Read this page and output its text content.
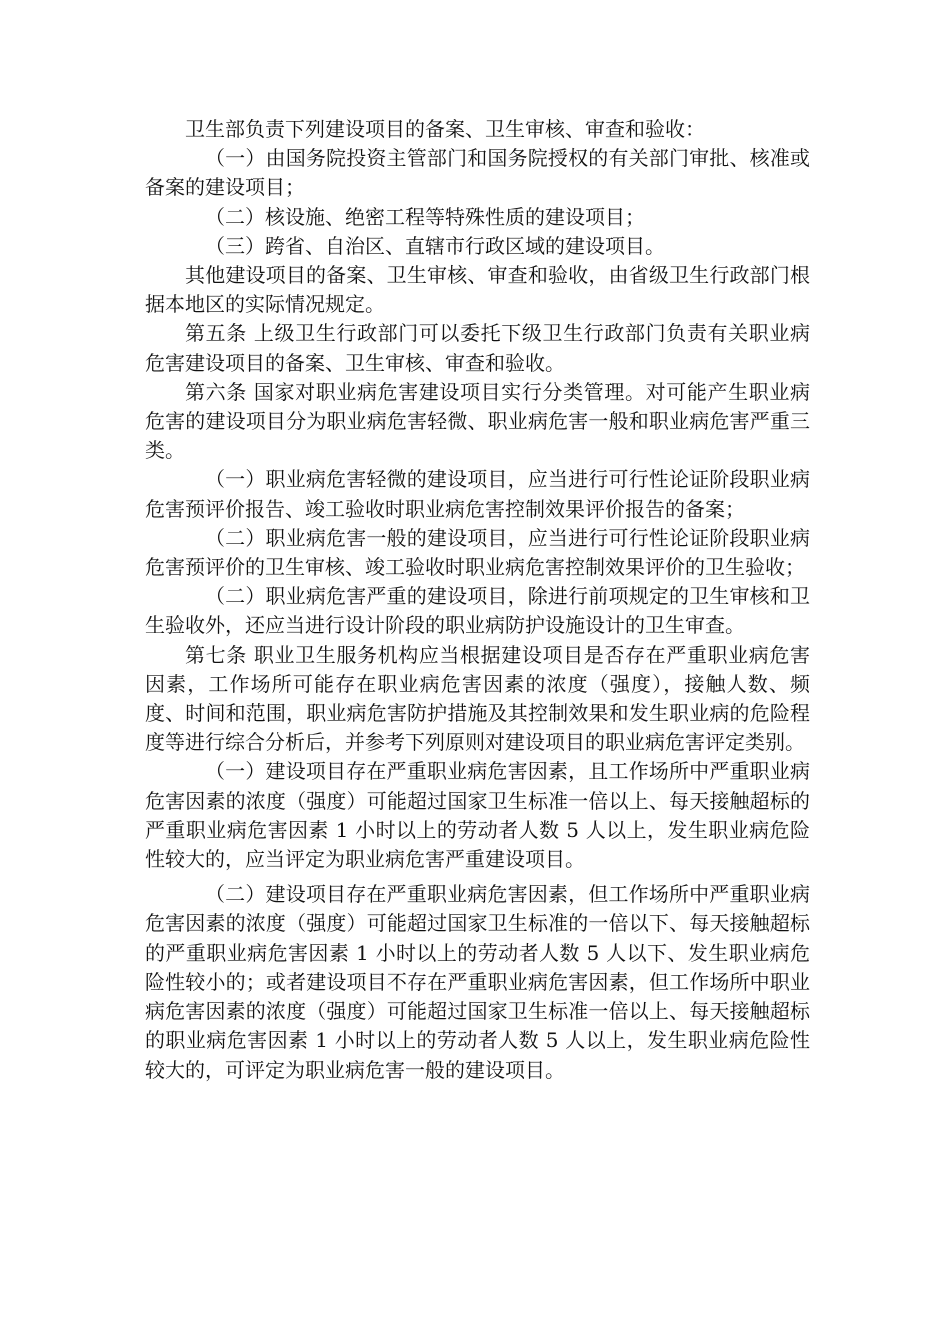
卫生部负责下列建设项目的备案、卫生审核、审查和验收：

（一）由国务院投资主管部门和国务院授权的有关部门审批、核准或备案的建设项目；

（二）核设施、绝密工程等特殊性质的建设项目；

（三）跨省、自治区、直辖市行政区域的建设项目。

其他建设项目的备案、卫生审核、审查和验收，由省级卫生行政部门根据本地区的实际情况规定。

第五条 上级卫生行政部门可以委托下级卫生行政部门负责有关职业病危害建设项目的备案、卫生审核、审查和验收。

第六条 国家对职业病危害建设项目实行分类管理。对可能产生职业病危害的建设项目分为职业病危害轻微、职业病危害一般和职业病危害严重三类。

（一）职业病危害轻微的建设项目，应当进行可行性论证阶段职业病危害预评价报告、竣工验收时职业病危害控制效果评价报告的备案；

（二）职业病危害一般的建设项目，应当进行可行性论证阶段职业病危害预评价的卫生审核、竣工验收时职业病危害控制效果评价的卫生验收；

（二）职业病危害严重的建设项目，除进行前项规定的卫生审核和卫生验收外，还应当进行设计阶段的职业病防护设施设计的卫生审查。

第七条 职业卫生服务机构应当根据建设项目是否存在严重职业病危害因素，工作场所可能存在职业病危害因素的浓度（强度），接触人数、频度、时间和范围，职业病危害防护措施及其控制效果和发生职业病的危险程度等进行综合分析后，并参考下列原则对建设项目的职业病危害评定类别。

（一）建设项目存在严重职业病危害因素，且工作场所中严重职业病危害因素的浓度（强度）可能超过国家卫生标准一倍以上、每天接触超标的严重职业病危害因素 1 小时以上的劳动者人数 5 人以上，发生职业病危险性较大的，应当评定为职业病危害严重建设项目。

（二）建设项目存在严重职业病危害因素，但工作场所中严重职业病危害因素的浓度（强度）可能超过国家卫生标准的一倍以下、每天接触超标的严重职业病危害因素 1 小时以上的劳动者人数 5 人以下、发生职业病危险性较小的；或者建设项目不存在严重职业病危害因素，但工作场所中职业病危害因素的浓度（强度）可能超过国家卫生标准一倍以上、每天接触超标的职业病危害因素 1 小时以上的劳动者人数 5 人以上，发生职业病危险性较大的，可评定为职业病危害一般的建设项目。
